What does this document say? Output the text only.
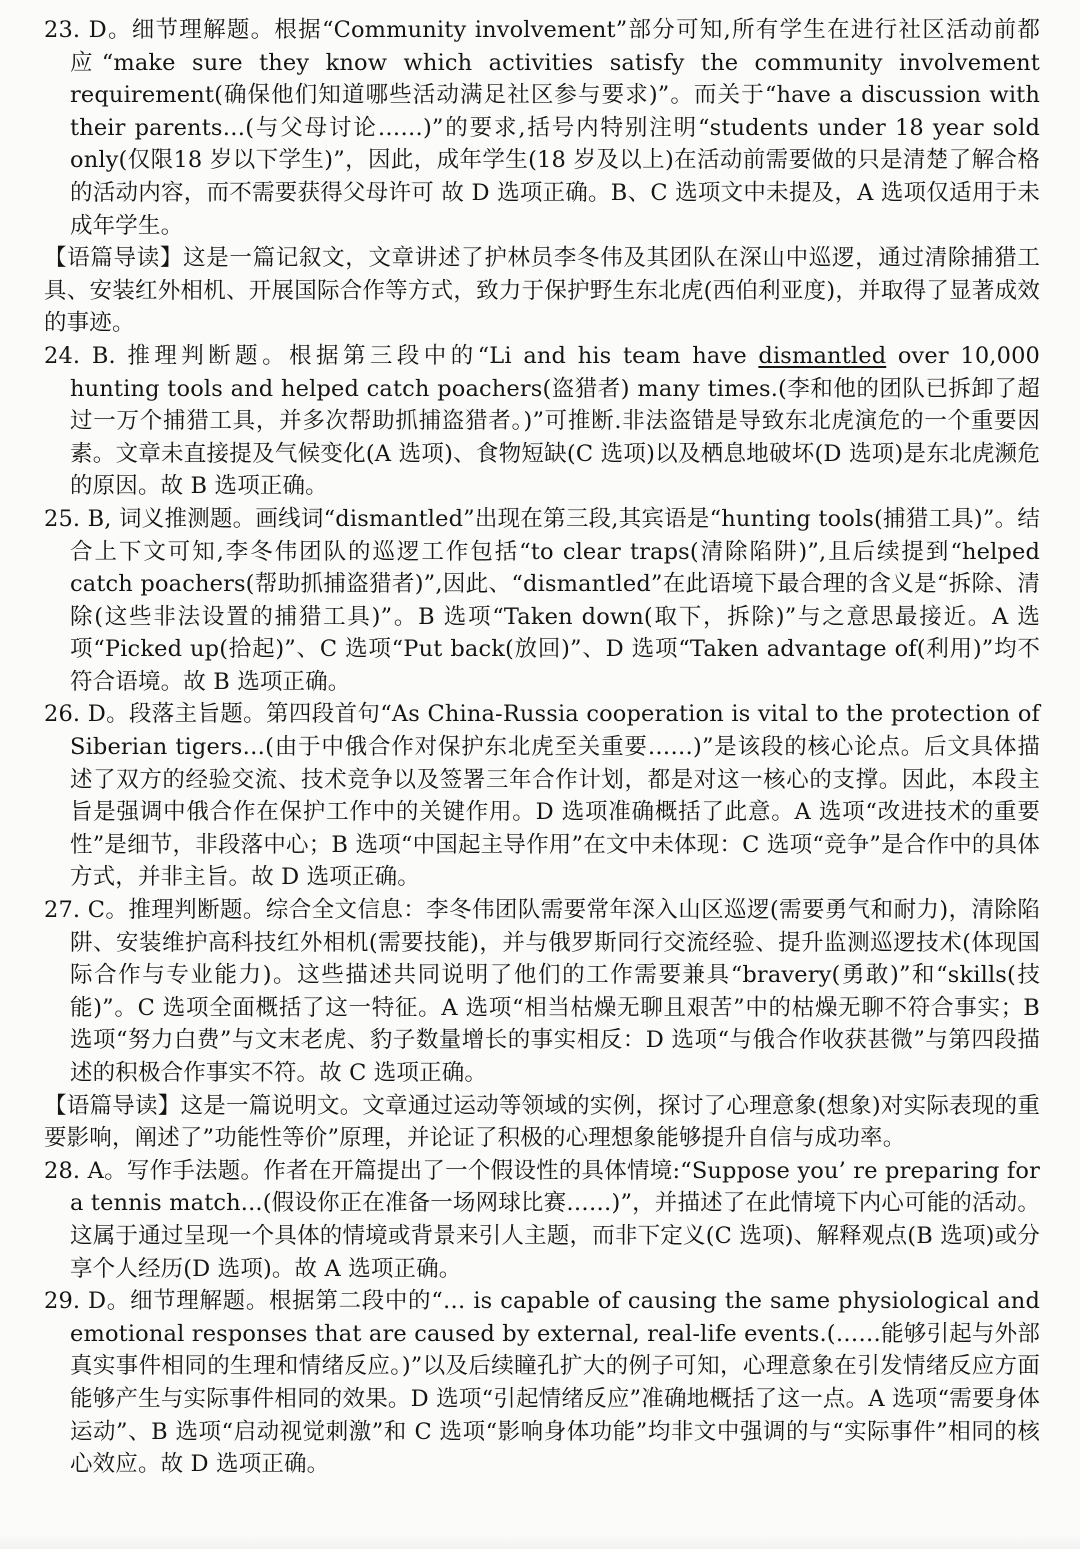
23. D。细节理解题。根据“Community involvement”部分可知,所有学生在进行社区活动前都应“make sure they know which activities satisfy the community involvement requirement(确保他们知道哪些活动满足社区参与要求)”。而关于“have a discussion with their parents…(与父母讨论……)”的要求,括号内特别注明“students under 18 year sold only(仅限18 岁以下学生)”，因此，成年学生(18 岁及以上)在活动前需要做的只是清楚了解合格的活动内容，而不需要获得父母许可 故 D 选项正确。B、C 选项文中未提及，A 选项仅适用于未成年学生。

【语篇导读】这是一篇记叙文，文章讲述了护林员李冬伟及其团队在深山中巡逻，通过清除捕猎工具、安装红外相机、开展国际合作等方式，致力于保护野生东北虎(西伯利亚度)，并取得了显著成效的事迹。

24. B. 推理判断题。根据第三段中的“Li and his team have dismantled over 10,000 hunting tools and helped catch poachers(盗猎者) many times.(李和他的团队已拆卸了超过一万个捕猎工具，并多次帮助抓捕盗猎者。)”可推断.非法盗错是导致东北虎演危的一个重要因素。文章未直接提及气候变化(A 选项)、食物短缺(C 选项)以及栖息地破坏(D 选项)是东北虎濒危的原因。故 B 选项正确。

25. B, 词义推测题。画线词“dismantled”出现在第三段,其宾语是“hunting tools(捕猎工具)”。结合上下文可知,李冬伟团队的巡逻工作包括“to clear traps(清除陷阱)”,且后续提到“helped catch poachers(帮助抓捕盗猎者)”,因此、“dismantled”在此语境下最合理的含义是“拆除、清除(这些非法设置的捕猎工具)”。B 选项“Taken down(取下，拆除)”与之意思最接近。A 选项“Picked up(拾起)”、C 选项“Put back(放回)”、D 选项“Taken advantage of(利用)”均不符合语境。故 B 选项正确。

26. D。段落主旨题。第四段首句“As China-Russia cooperation is vital to the protection of Siberian tigers…(由于中俄合作对保护东北虎至关重要……)”是该段的核心论点。后文具体描述了双方的经验交流、技术竞争以及签署三年合作计划，都是对这一核心的支撑。因此，本段主旨是强调中俄合作在保护工作中的关键作用。D 选项准确概括了此意。A 选项“改进技术的重要性”是细节，非段落中心；B 选项“中国起主导作用”在文中未体现：C 选项“竞争”是合作中的具体方式，并非主旨。故 D 选项正确。

27. C。推理判断题。综合全文信息：李冬伟团队需要常年深入山区巡逻(需要勇气和耐力)，清除陷阱、安装维护高科技红外相机(需要技能)，并与俄罗斯同行交流经验、提升监测巡逻技术(体现国际合作与专业能力)。这些描述共同说明了他们的工作需要兼具“bravery(勇敢)”和“skills(技能)”。C 选项全面概括了这一特征。A 选项“相当枯燥无聊且艰苦”中的枯燥无聊不符合事实；B 选项“努力白费”与文末老虎、豹子数量增长的事实相反：D 选项“与俄合作收获甚微”与第四段描述的积极合作事实不符。故 C 选项正确。

【语篇导读】这是一篇说明文。文章通过运动等领域的实例，探讨了心理意象(想象)对实际表现的重要影响，阐述了”功能性等价”原理，并论证了积极的心理想象能够提升自信与成功率。

28. A。写作手法题。作者在开篇提出了一个假设性的具体情境:“Suppose you’ re preparing for a tennis match...(假设你正在准备一场网球比赛……)”，并描述了在此情境下内心可能的活动。这属于通过呈现一个具体的情境或背景来引人主题，而非下定义(C 选项)、解释观点(B 选项)或分享个人经历(D 选项)。故 A 选项正确。

29. D。细节理解题。根据第二段中的“… is capable of causing the same physiological and emotional responses that are caused by external, real-life events.(……能够引起与外部真实事件相同的生理和情绪反应。)”以及后续瞳孔扩大的例子可知，心理意象在引发情绪反应方面能够产生与实际事件相同的效果。D 选项“引起情绪反应”准确地概括了这一点。A 选项“需要身体运动”、B 选项“启动视觉刺激”和 C 选项“影响身体功能”均非文中强调的与“实际事件”相同的核心效应。故 D 选项正确。
